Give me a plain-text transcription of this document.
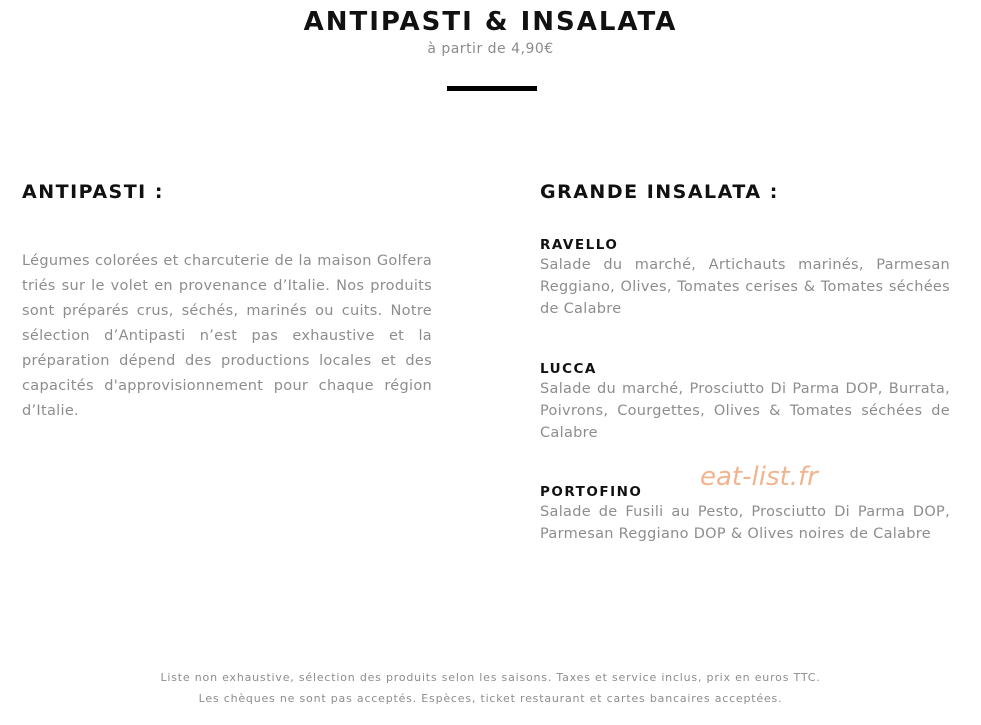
ANTIPASTI & INSALATA

à partir de 4,90€

ANTIPASTI :

Légumes colorées et charcuterie de la maison Golfera triés sur le volet en provenance d’Italie. Nos produits sont préparés crus, séchés, marinés ou cuits. Notre sélection d’Antipasti n’est pas exhaustive et la préparation dépend des productions locales et des capacités d'approvisionnement pour chaque région d’Italie.

GRANDE INSALATA :

RAVELLO

Salade du marché, Artichauts marinés, Parmesan Reggiano, Olives, Tomates cerises & Tomates séchées de Calabre

LUCCA

Salade du marché, Prosciutto Di Parma DOP, Burrata, Poivrons, Courgettes, Olives & Tomates séchées de Calabre

PORTOFINO

Salade de Fusili au Pesto, Prosciutto Di Parma DOP, Parmesan Reggiano DOP & Olives noires de Calabre

eat-list.fr

Liste non exhaustive, sélection des produits selon les saisons. Taxes et service inclus, prix en euros TTC.

Les chèques ne sont pas acceptés. Espèces, ticket restaurant et cartes bancaires acceptées.
